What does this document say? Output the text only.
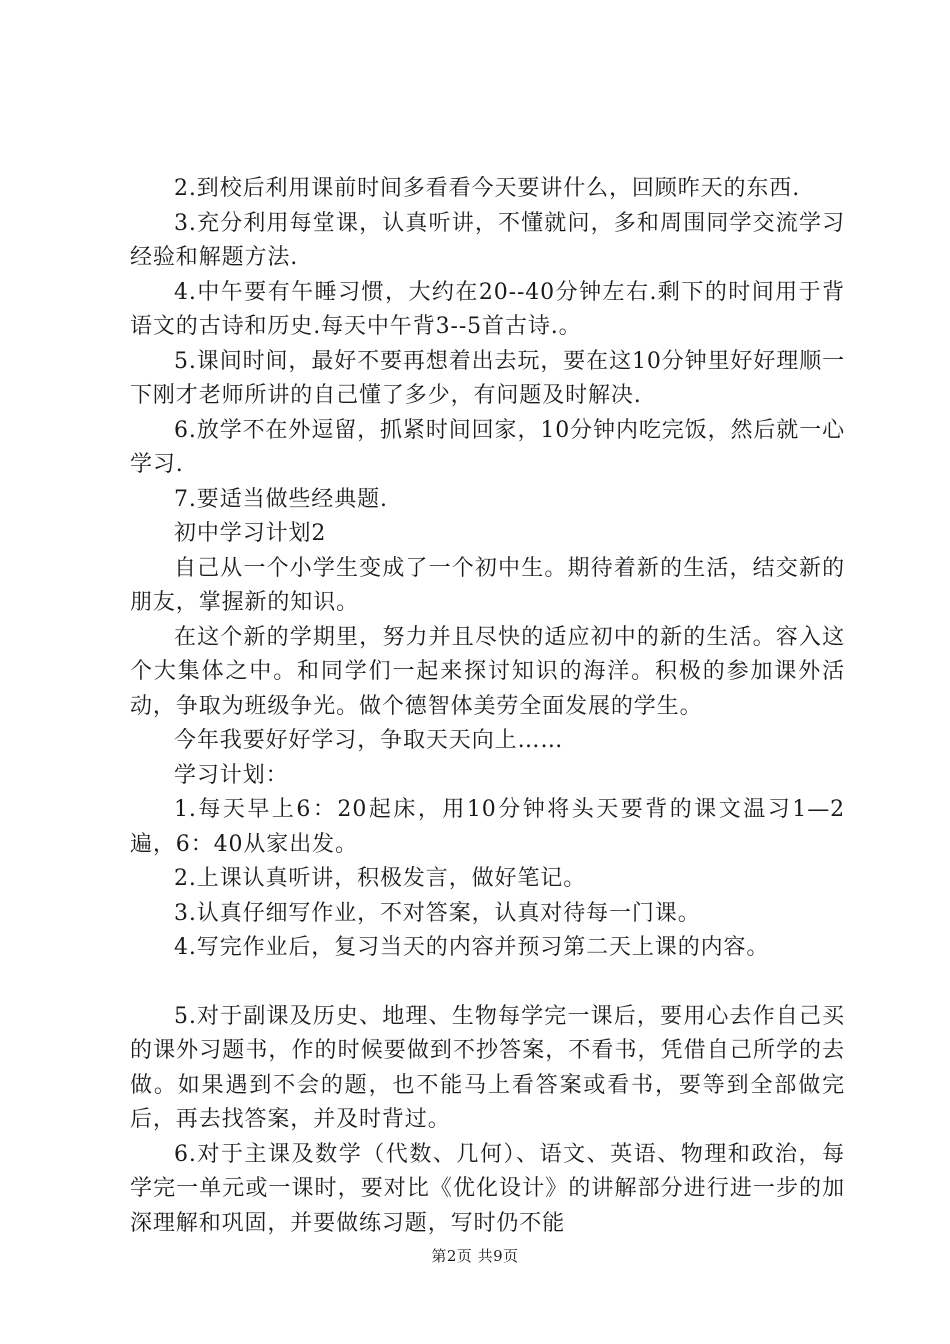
2.到校后利用课前时间多看看今天要讲什么，回顾昨天的东西.

3.充分利用每堂课，认真听讲，不懂就问，多和周围同学交流学习经验和解题方法.

4.中午要有午睡习惯，大约在20--40分钟左右.剩下的时间用于背语文的古诗和历史.每天中午背3--5首古诗.。

5.课间时间，最好不要再想着出去玩，要在这10分钟里好好理顺一下刚才老师所讲的自己懂了多少，有问题及时解决.

6.放学不在外逗留，抓紧时间回家，10分钟内吃完饭，然后就一心学习.

7.要适当做些经典题.

初中学习计划2

自己从一个小学生变成了一个初中生。期待着新的生活，结交新的朋友，掌握新的知识。

在这个新的学期里，努力并且尽快的适应初中的新的生活。容入这个大集体之中。和同学们一起来探讨知识的海洋。积极的参加课外活动，争取为班级争光。做个德智体美劳全面发展的学生。

今年我要好好学习，争取天天向上……

学习计划：

1.每天早上6：20起床，用10分钟将头天要背的课文温习1—2遍，6：40从家出发。

2.上课认真听讲，积极发言，做好笔记。

3.认真仔细写作业，不对答案，认真对待每一门课。

4.写完作业后，复习当天的内容并预习第二天上课的内容。

5.对于副课及历史、地理、生物每学完一课后，要用心去作自己买的课外习题书，作的时候要做到不抄答案，不看书，凭借自己所学的去做。如果遇到不会的题，也不能马上看答案或看书，要等到全部做完后，再去找答案，并及时背过。

6.对于主课及数学（代数、几何）、语文、英语、物理和政治，每学完一单元或一课时，要对比《优化设计》的讲解部分进行进一步的加深理解和巩固，并要做练习题，写时仍不能

第2页 共9页
